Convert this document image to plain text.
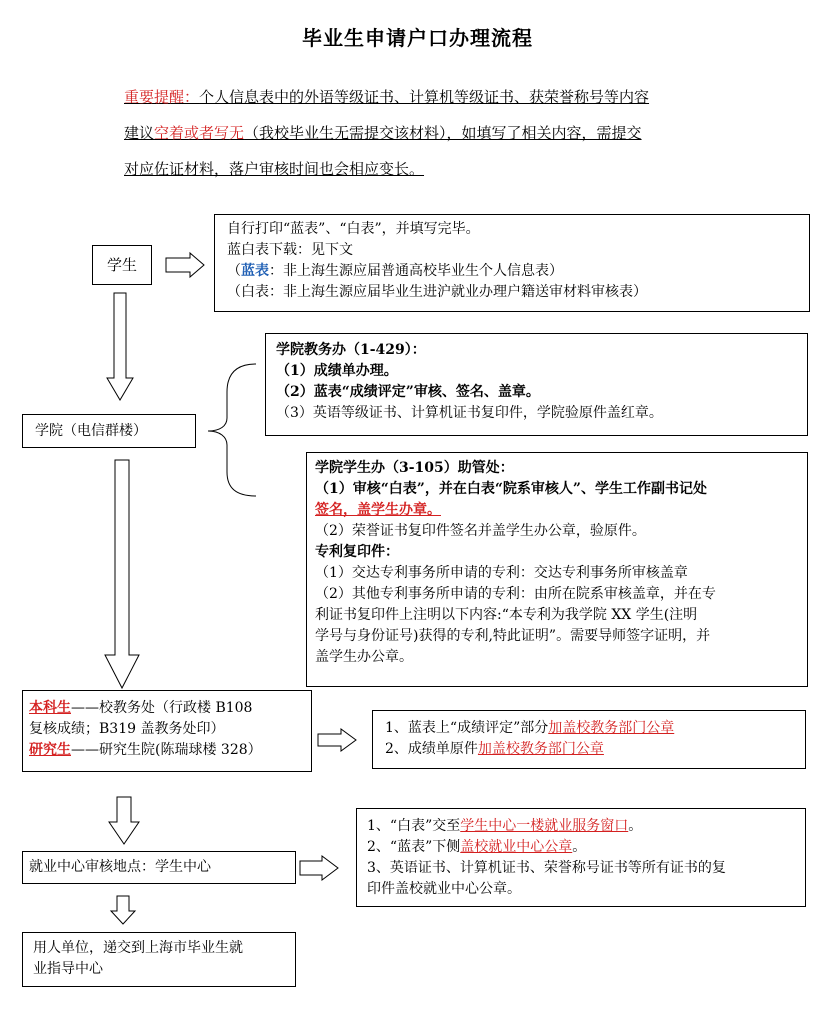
毕业生申请户口办理流程
重要提醒：个人信息表中的外语等级证书、计算机等级证书、获荣誉称号等内容
建议空着或者写无（我校毕业生无需提交该材料），如填写了相关内容，需提交
对应佐证材料，落户审核时间也会相应变长。
学生
自行打印“蓝表”、“白表”，并填写完毕。
蓝白表下载：见下文
（蓝表：非上海生源应届普通高校毕业生个人信息表）
（白表：非上海生源应届毕业生进沪就业办理户籍送审材料审核表）
学院（电信群楼）
学院教务办（1-429）：
（1）成绩单办理。
（2）蓝表“成绩评定”审核、签名、盖章。
（3）英语等级证书、计算机证书复印件，学院验原件盖红章。
学院学生办（3-105）助管处：
（1）审核“白表”，并在白表“院系审核人”、学生工作副书记处
签名，盖学生办章。
（2）荣誉证书复印件签名并盖学生办公章，验原件。
专利复印件：
（1）交达专利事务所申请的专利：交达专利事务所审核盖章
（2）其他专利事务所申请的专利：由所在院系审核盖章，并在专
利证书复印件上注明以下内容:“本专利为我学院 XX 学生(注明
学号与身份证号)获得的专利,特此证明”。需要导师签字证明，并
盖学生办公章。
本科生——校教务处（行政楼 B108
复核成绩；B319 盖教务处印）
研究生——研究生院(陈瑞球楼 328）
1、蓝表上“成绩评定”部分加盖校教务部门公章
2、成绩单原件加盖校教务部门公章
就业中心审核地点：学生中心
1、“白表”交至学生中心一楼就业服务窗口。
2、“蓝表”下侧盖校就业中心公章。
3、英语证书、计算机证书、荣誉称号证书等所有证书的复
印件盖校就业中心公章。
用人单位，递交到上海市毕业生就
业指导中心
